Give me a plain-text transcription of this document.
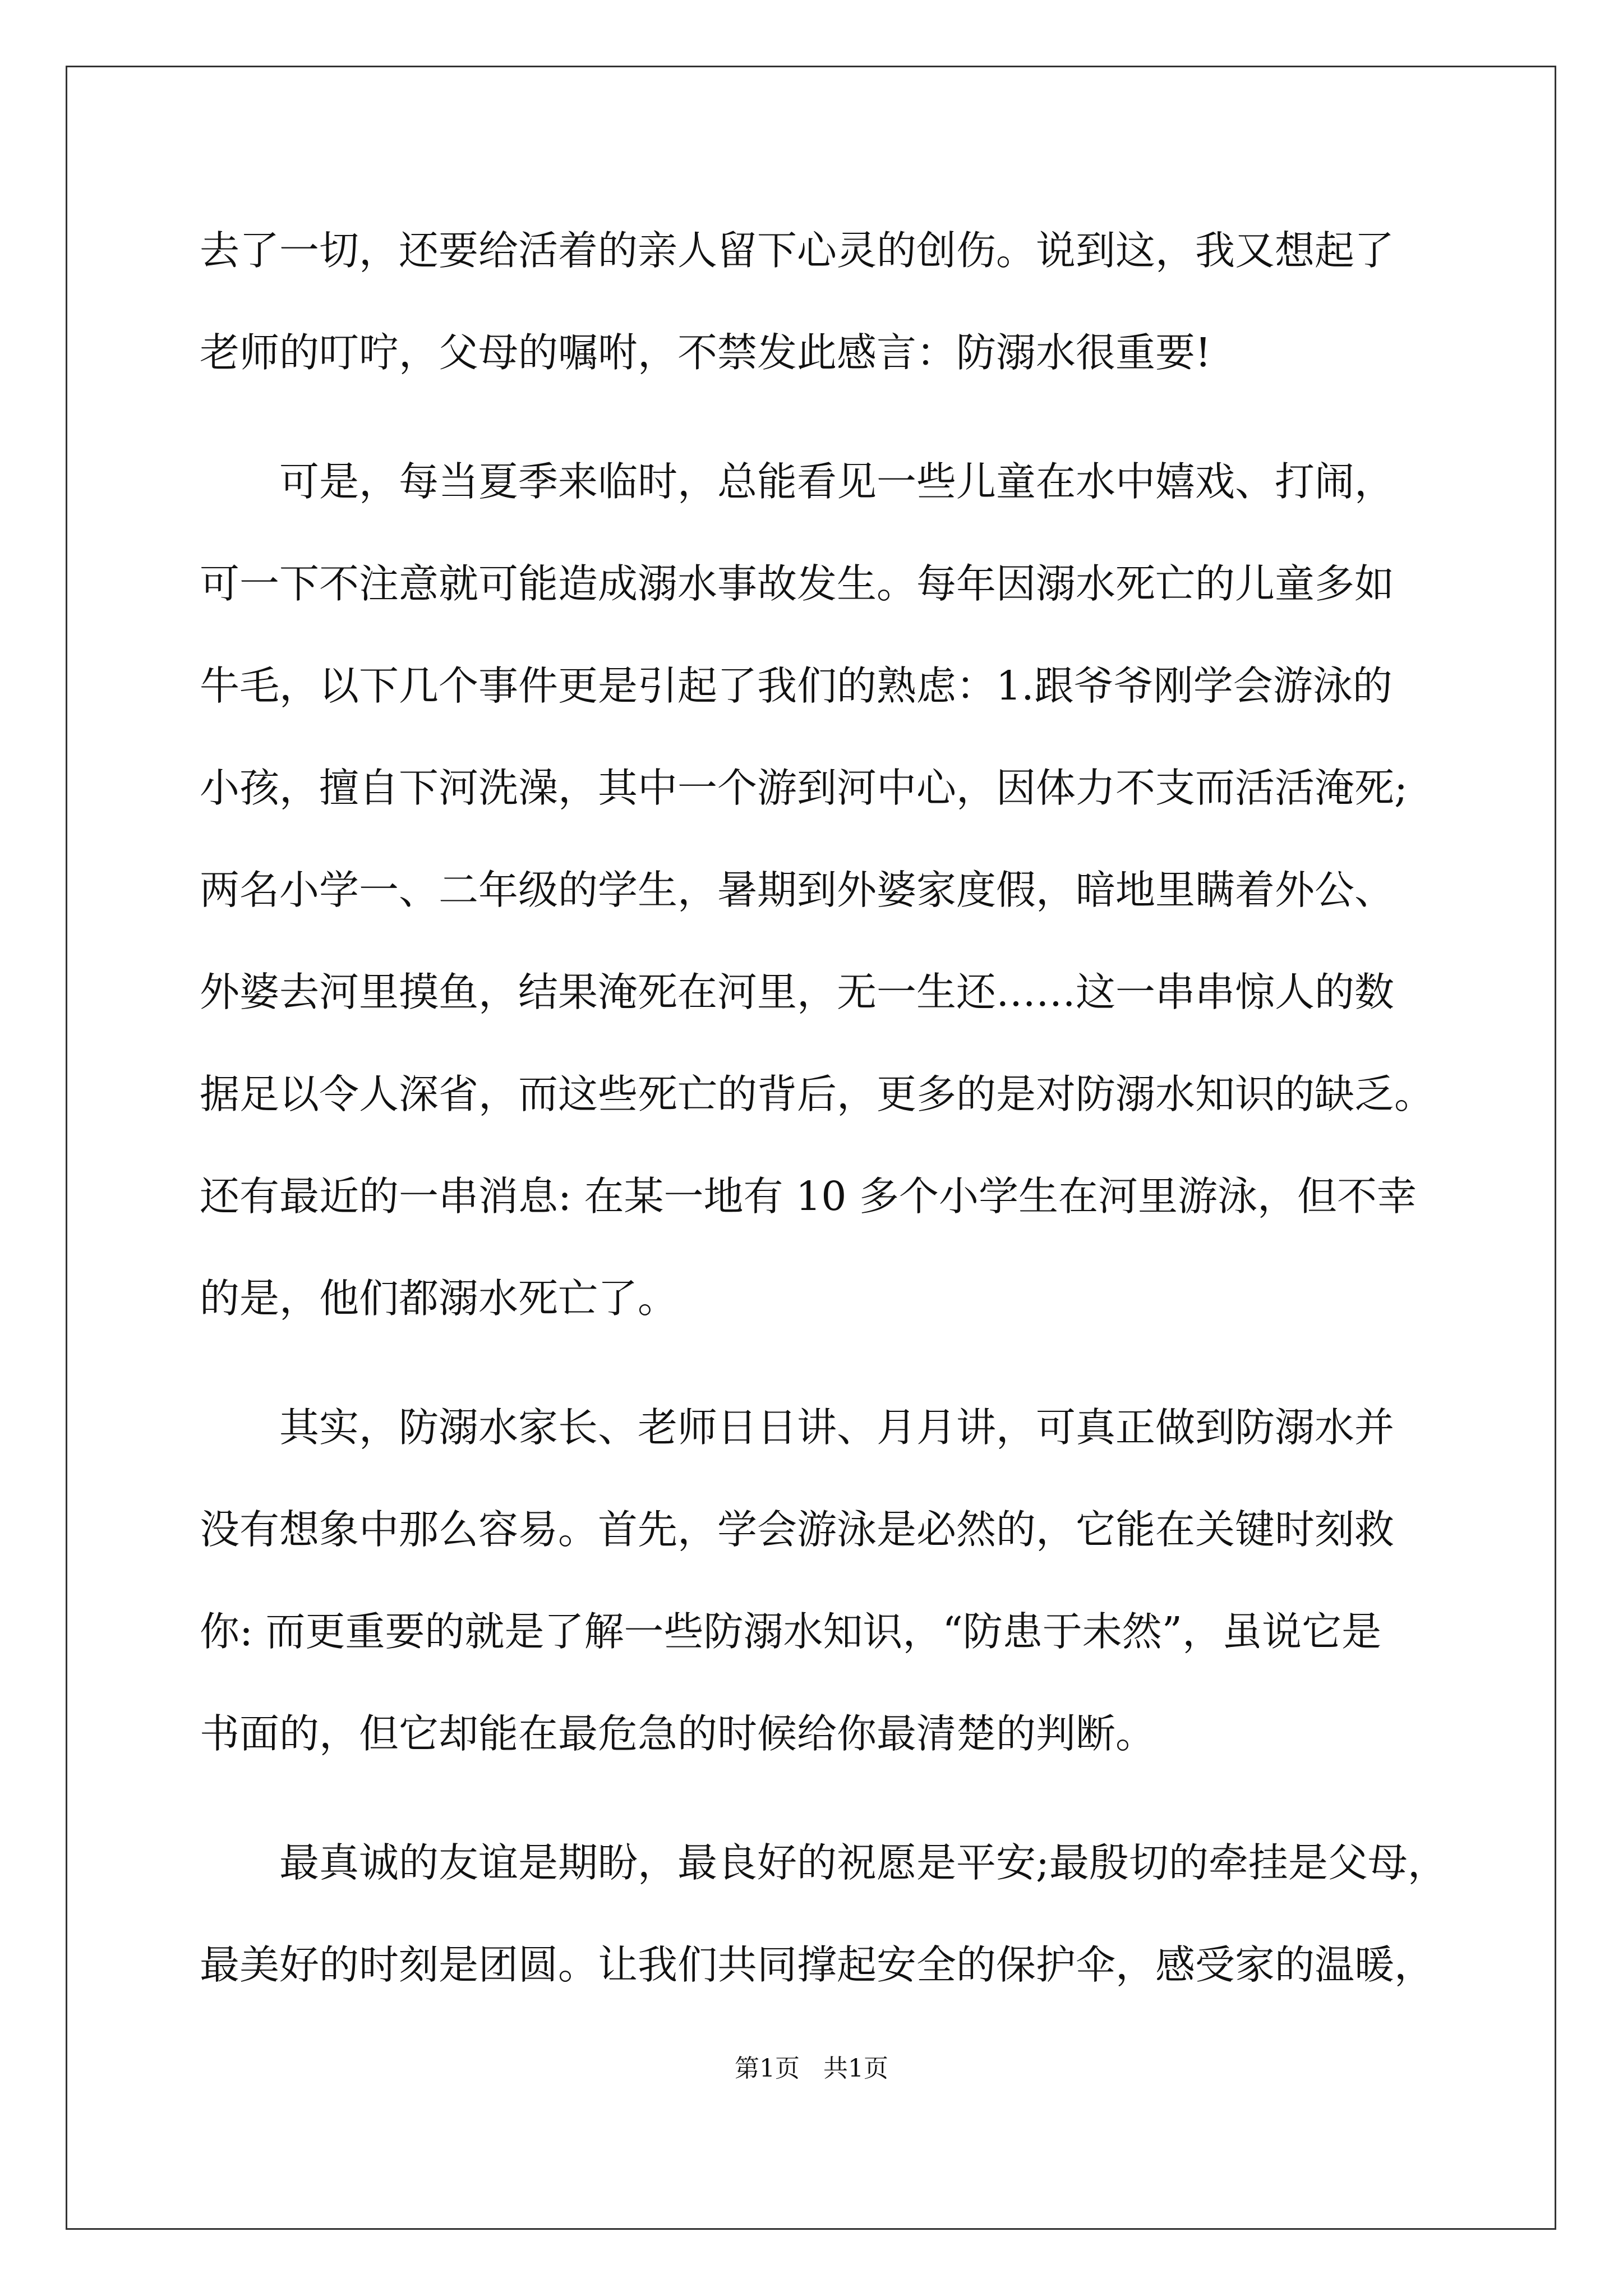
去了一切，还要给活着的亲人留下心灵的创伤。说到这，我又想起了
老师的叮咛，父母的嘱咐，不禁发此感言：防溺水很重要!
可是，每当夏季来临时，总能看见一些儿童在水中嬉戏、打闹，
可一下不注意就可能造成溺水事故发生。每年因溺水死亡的儿童多如
牛毛，以下几个事件更是引起了我们的熟虑：1.跟爷爷刚学会游泳的
小孩，擅自下河洗澡，其中一个游到河中心，因体力不支而活活淹死;
两名小学一、二年级的学生，暑期到外婆家度假，暗地里瞒着外公、
外婆去河里摸鱼，结果淹死在河里，无一生还……这一串串惊人的数
据足以令人深省，而这些死亡的背后，更多的是对防溺水知识的缺乏。
还有最近的一串消息: 在某一地有 10 多个小学生在河里游泳，但不幸
的是，他们都溺水死亡了。
其实，防溺水家长、老师日日讲、月月讲，可真正做到防溺水并
没有想象中那么容易。首先，学会游泳是必然的，它能在关键时刻救
你: 而更重要的就是了解一些防溺水知识，“防患于未然”，虽说它是
书面的，但它却能在最危急的时候给你最清楚的判断。
最真诚的友谊是期盼，最良好的祝愿是平安;最殷切的牵挂是父母，
最美好的时刻是团圆。让我们共同撑起安全的保护伞，感受家的温暖，
第1页   共1页
